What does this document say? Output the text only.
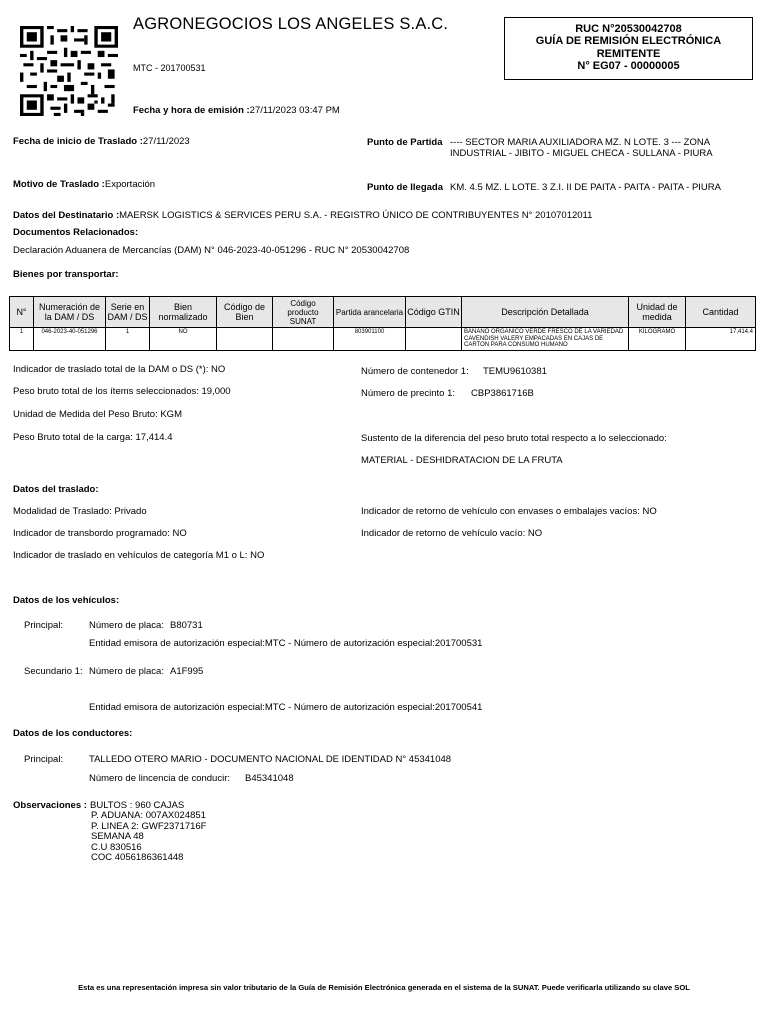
AGRONEGOCIOS LOS ANGELES S.A.C.
MTC - 201700531
Fecha y hora de emisión :27/11/2023 03:47 PM
RUC N°20530042708
GUÍA DE REMISIÓN ELECTRÓNICA
REMITENTE
N° EG07 - 00000005
Fecha de inicio de Traslado :27/11/2023	Punto de Partida ---- SECTOR MARIA AUXILIADORA MZ. N LOTE. 3 --- ZONA INDUSTRIAL - JIBITO - MIGUEL CHECA - SULLANA - PIURA
Motivo de Traslado :Exportación	Punto de llegada KM. 4.5 MZ. L LOTE. 3 Z.I. II DE PAITA - PAITA - PAITA - PIURA
Datos del Destinatario :MAERSK LOGISTICS & SERVICES PERU S.A. - REGISTRO ÚNICO DE CONTRIBUYENTES N° 20107012011
Documentos Relacionados:
Declaración Aduanera de Mercancías (DAM) N° 046-2023-40-051296 - RUC N° 20530042708
Bienes por transportar:
N°	Numeración de la DAM / DS	Serie en DAM / DS	Bien normalizado	Código de Bien	Código producto SUNAT	Partida arancelaria	Código GTIN	Descripción Detallada	Unidad de medida	Cantidad
1	046-2023-40-051296	1	NO			803901100		BANANO ORGANICO VERDE FRESCO DE LA VARIEDAD CAVENDISH VALERY EMPACADAS EN CAJAS DE CARTON PARA CONSUMO HUMANO	KILOGRAMO	17,414.4
Indicador de traslado total de la DAM o DS (*): NO
Peso bruto total de los ítems seleccionados: 19,000
Unidad de Medida del Peso Bruto: KGM
Peso Bruto total de la carga: 17,414.4
Número de contenedor 1: TEMU9610381
Número de precinto 1: CBP3861716B
Sustento de la diferencia del peso bruto total respecto a lo seleccionado:
MATERIAL - DESHIDRATACION DE LA FRUTA
Datos del traslado:
Modalidad de Traslado: Privado
Indicador de transbordo programado: NO
Indicador de traslado en vehículos de categoría M1 o L: NO
Indicador de retorno de vehículo con envases o embalajes vacíos: NO
Indicador de retorno de vehículo vacío: NO
Datos de los vehículos:
Principal:	Número de placa: B80731
Entidad emisora de autorización especial:MTC - Número de autorización especial:201700531
Secundario 1: Número de placa: A1F995
Entidad emisora de autorización especial:MTC - Número de autorización especial:201700541
Datos de los conductores:
Principal:	TALLEDO OTERO MARIO - DOCUMENTO NACIONAL DE IDENTIDAD N° 45341048
Número de lincencia de conducir: B45341048
Observaciones : BULTOS : 960 CAJAS
P. ADUANA: 007AX024851
P. LINEA 2: GWF2371716F
SEMANA 48
C.U 830516
COC 4056186361448
Esta es una representación impresa sin valor tributario de la Guía de Remisión Electrónica generada en el sistema de la SUNAT. Puede verificarla utilizando su clave SOL
